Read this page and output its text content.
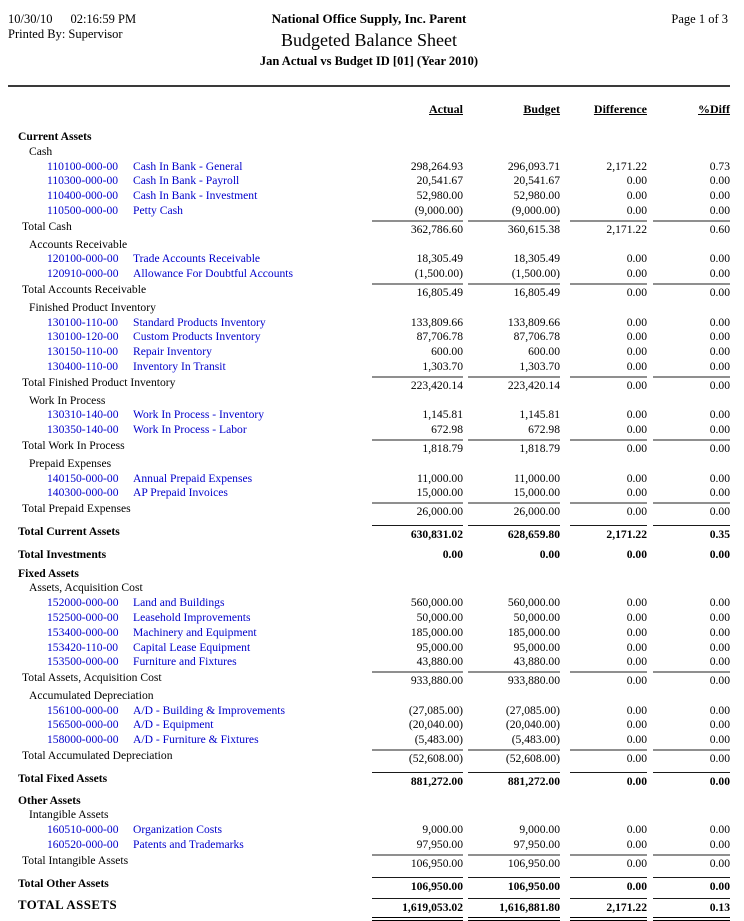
10/30/10 02:16:59 PM
Printed By: Supervisor
Page 1 of 3
National Office Supply, Inc. Parent
Budgeted Balance Sheet
Jan Actual vs Budget ID [01] (Year 2010)
Actual	Budget	Difference	%Diff
Current Assets
Cash
110100-000-00 Cash In Bank - General	298,264.93	296,093.71	2,171.22	0.73
110300-000-00 Cash In Bank - Payroll	20,541.67	20,541.67	0.00	0.00
110400-000-00 Cash In Bank - Investment	52,980.00	52,980.00	0.00	0.00
110500-000-00 Petty Cash	(9,000.00)	(9,000.00)	0.00	0.00
Total Cash	362,786.60	360,615.38	2,171.22	0.60
Accounts Receivable
120100-000-00 Trade Accounts Receivable	18,305.49	18,305.49	0.00	0.00
120910-000-00 Allowance For Doubtful Accounts	(1,500.00)	(1,500.00)	0.00	0.00
Total Accounts Receivable	16,805.49	16,805.49	0.00	0.00
Finished Product Inventory
130100-110-00 Standard Products Inventory	133,809.66	133,809.66	0.00	0.00
130100-120-00 Custom Products Inventory	87,706.78	87,706.78	0.00	0.00
130150-110-00 Repair Inventory	600.00	600.00	0.00	0.00
130400-110-00 Inventory In Transit	1,303.70	1,303.70	0.00	0.00
Total Finished Product Inventory	223,420.14	223,420.14	0.00	0.00
Work In Process
130310-140-00 Work In Process - Inventory	1,145.81	1,145.81	0.00	0.00
130350-140-00 Work In Process - Labor	672.98	672.98	0.00	0.00
Total Work In Process	1,818.79	1,818.79	0.00	0.00
Prepaid Expenses
140150-000-00 Annual Prepaid Expenses	11,000.00	11,000.00	0.00	0.00
140300-000-00 AP Prepaid Invoices	15,000.00	15,000.00	0.00	0.00
Total Prepaid Expenses	26,000.00	26,000.00	0.00	0.00
Total Current Assets	630,831.02	628,659.80	2,171.22	0.35
Total Investments	0.00	0.00	0.00	0.00
Fixed Assets
Assets, Acquisition Cost
152000-000-00 Land and Buildings	560,000.00	560,000.00	0.00	0.00
152500-000-00 Leasehold Improvements	50,000.00	50,000.00	0.00	0.00
153400-000-00 Machinery and Equipment	185,000.00	185,000.00	0.00	0.00
153420-110-00 Capital Lease Equipment	95,000.00	95,000.00	0.00	0.00
153500-000-00 Furniture and Fixtures	43,880.00	43,880.00	0.00	0.00
Total Assets, Acquisition Cost	933,880.00	933,880.00	0.00	0.00
Accumulated Depreciation
156100-000-00 A/D - Building & Improvements	(27,085.00)	(27,085.00)	0.00	0.00
156500-000-00 A/D - Equipment	(20,040.00)	(20,040.00)	0.00	0.00
158000-000-00 A/D - Furniture & Fixtures	(5,483.00)	(5,483.00)	0.00	0.00
Total Accumulated Depreciation	(52,608.00)	(52,608.00)	0.00	0.00
Total Fixed Assets	881,272.00	881,272.00	0.00	0.00
Other Assets
Intangible Assets
160510-000-00 Organization Costs	9,000.00	9,000.00	0.00	0.00
160520-000-00 Patents and Trademarks	97,950.00	97,950.00	0.00	0.00
Total Intangible Assets	106,950.00	106,950.00	0.00	0.00
Total Other Assets	106,950.00	106,950.00	0.00	0.00
TOTAL ASSETS	1,619,053.02	1,616,881.80	2,171.22	0.13
